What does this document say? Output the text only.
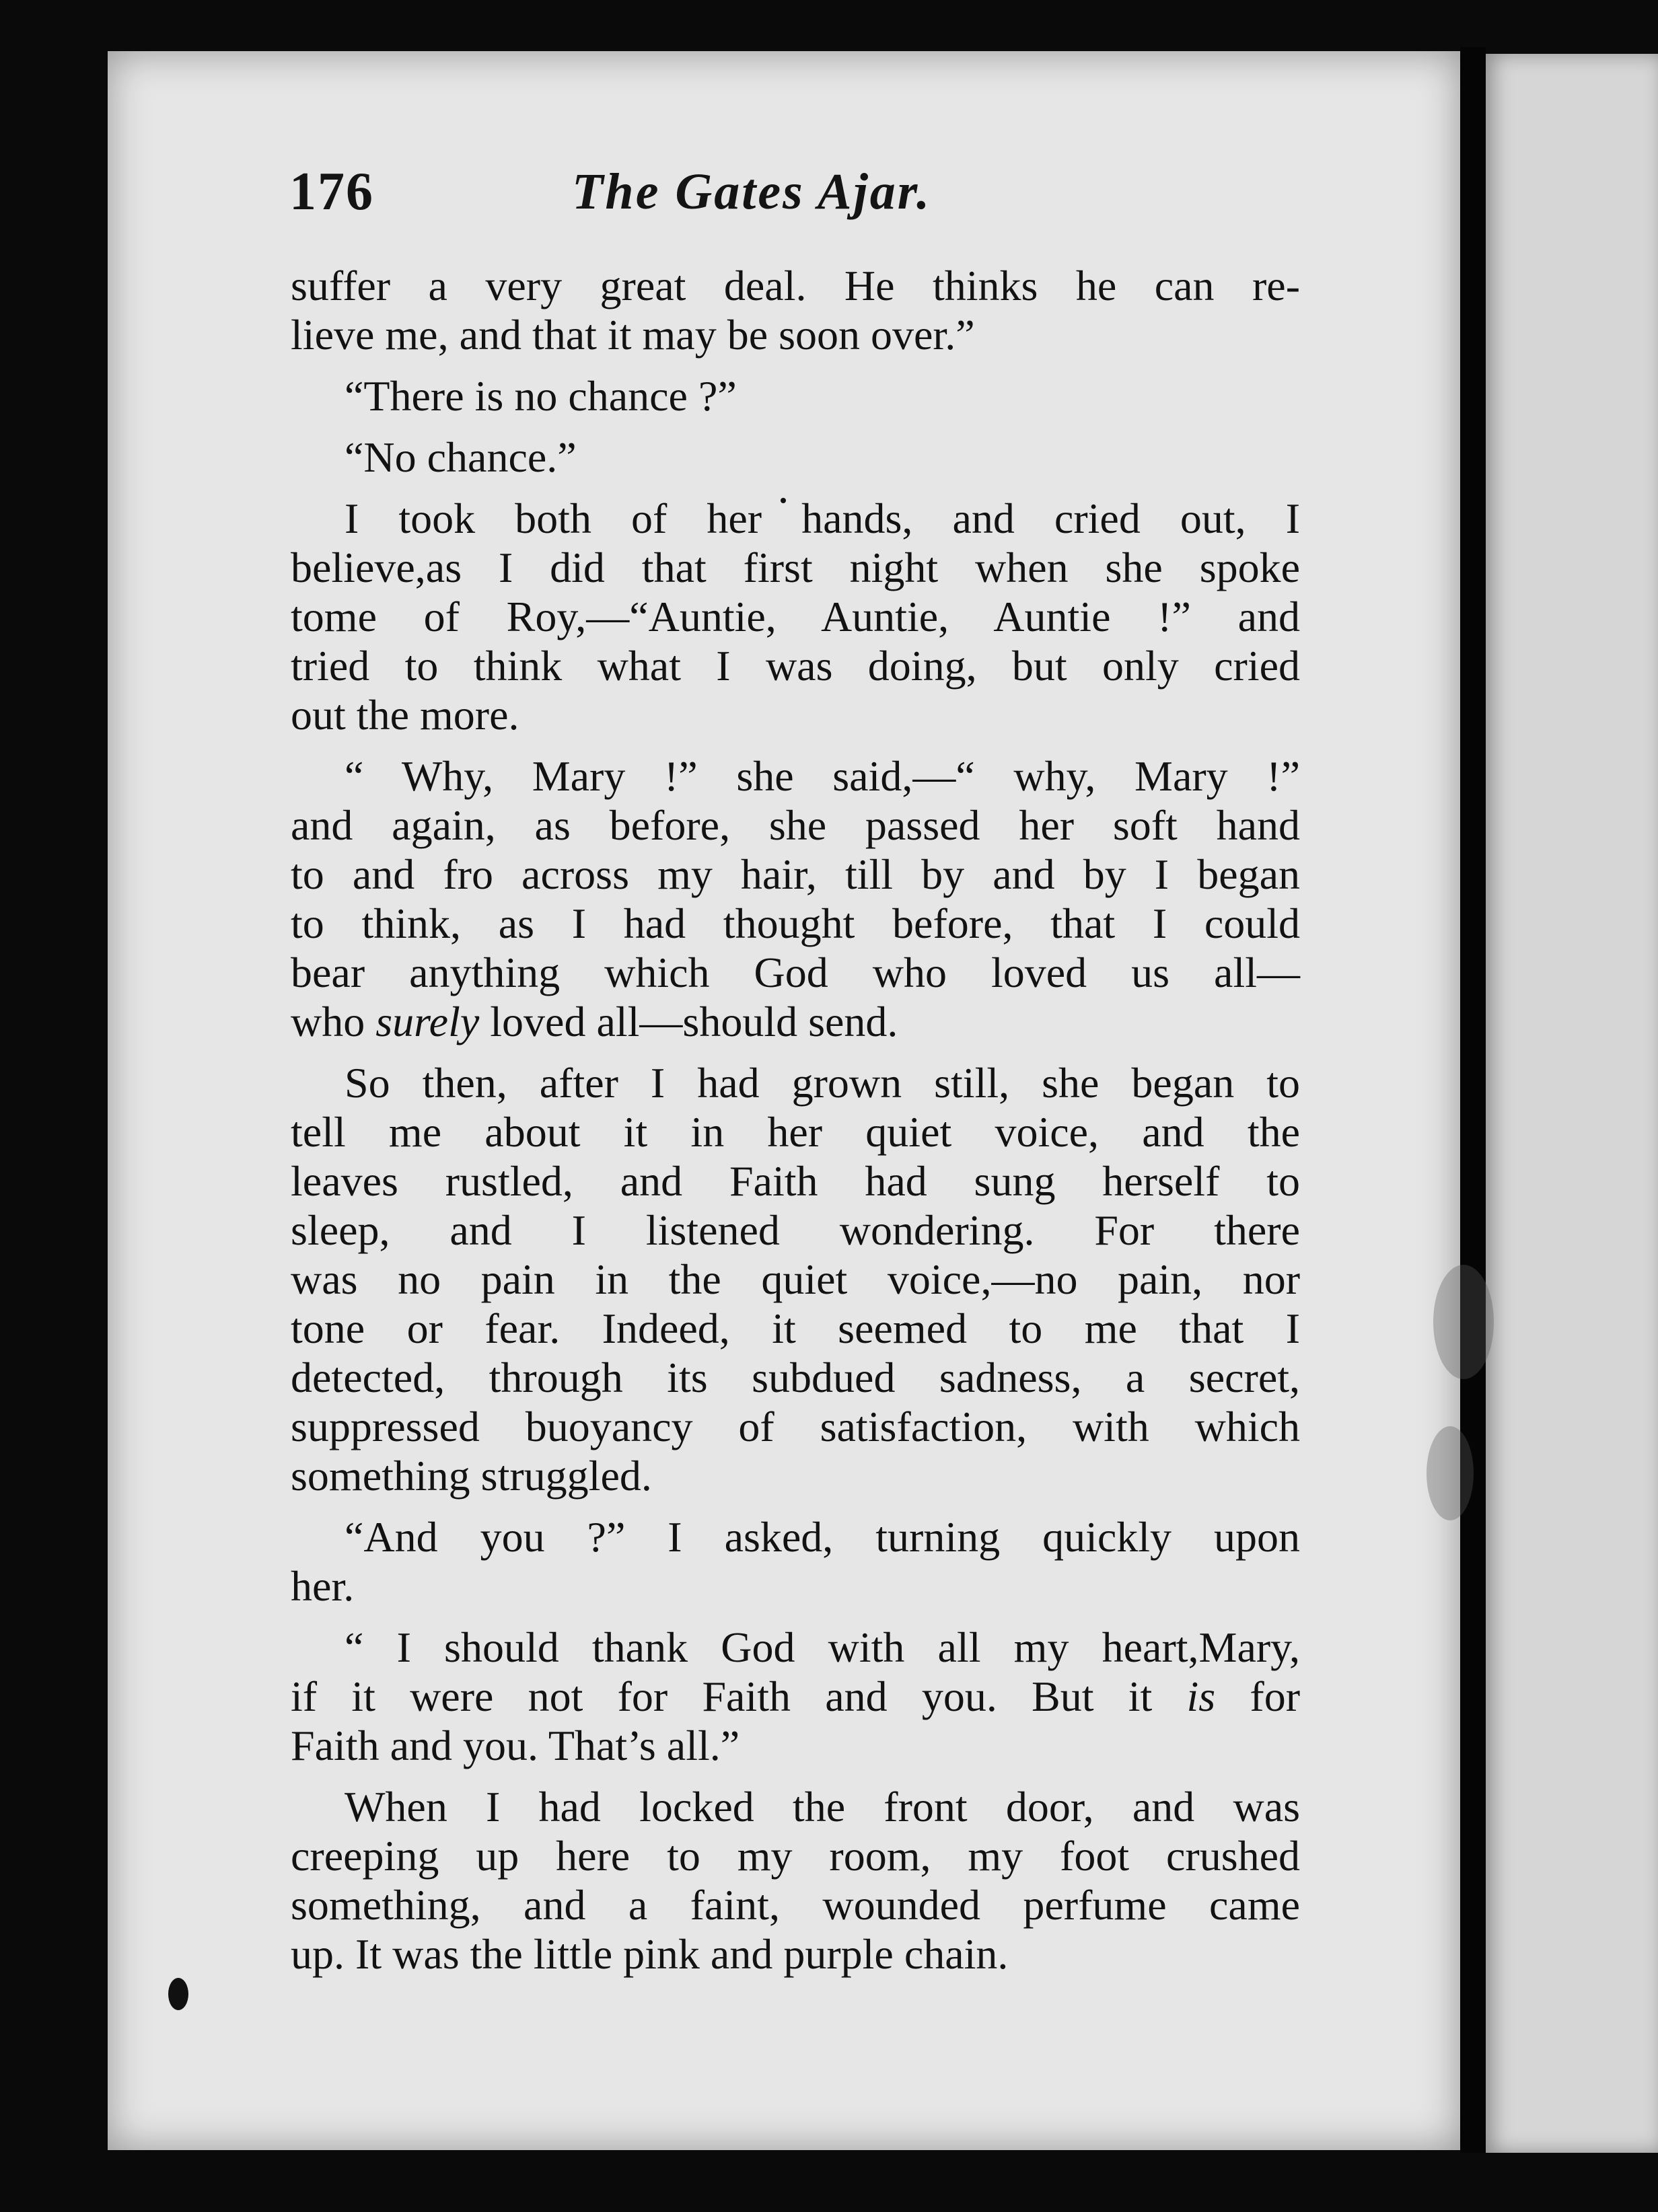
176	The Gates Ajar.

suffer a very great deal. He thinks he can re-
lieve me, and that it may be soon over.”

“There is no chance ?”

“No chance.”

I took both of her hands, and cried out, I
believe,as I did that first night when she spoke
tome of Roy,—“Auntie, Auntie, Auntie !” and
tried to think what I was doing, but only cried
out the more.

“ Why, Mary !” she said,—“ why, Mary !”
and again, as before, she passed her soft hand
to and fro across my hair, till by and by I began
to think, as I had thought before, that I could
bear anything which God who loved us all—
who surely loved all—should send.

So then, after I had grown still, she began to
tell me about it in her quiet voice, and the
leaves rustled, and Faith had sung herself to
sleep, and I listened wondering. For there
was no pain in the quiet voice,—no pain, nor
tone or fear. Indeed, it seemed to me that I
detected, through its subdued sadness, a secret,
suppressed buoyancy of satisfaction, with which
something struggled.

“And you ?” I asked, turning quickly upon
her.

“ I should thank God with all my heart,Mary,
if it were not for Faith and you. But it is for
Faith and you. That’s all.”

When I had locked the front door, and was
creeping up here to my room, my foot crushed
something, and a faint, wounded perfume came
up. It was the little pink and purple chain.
